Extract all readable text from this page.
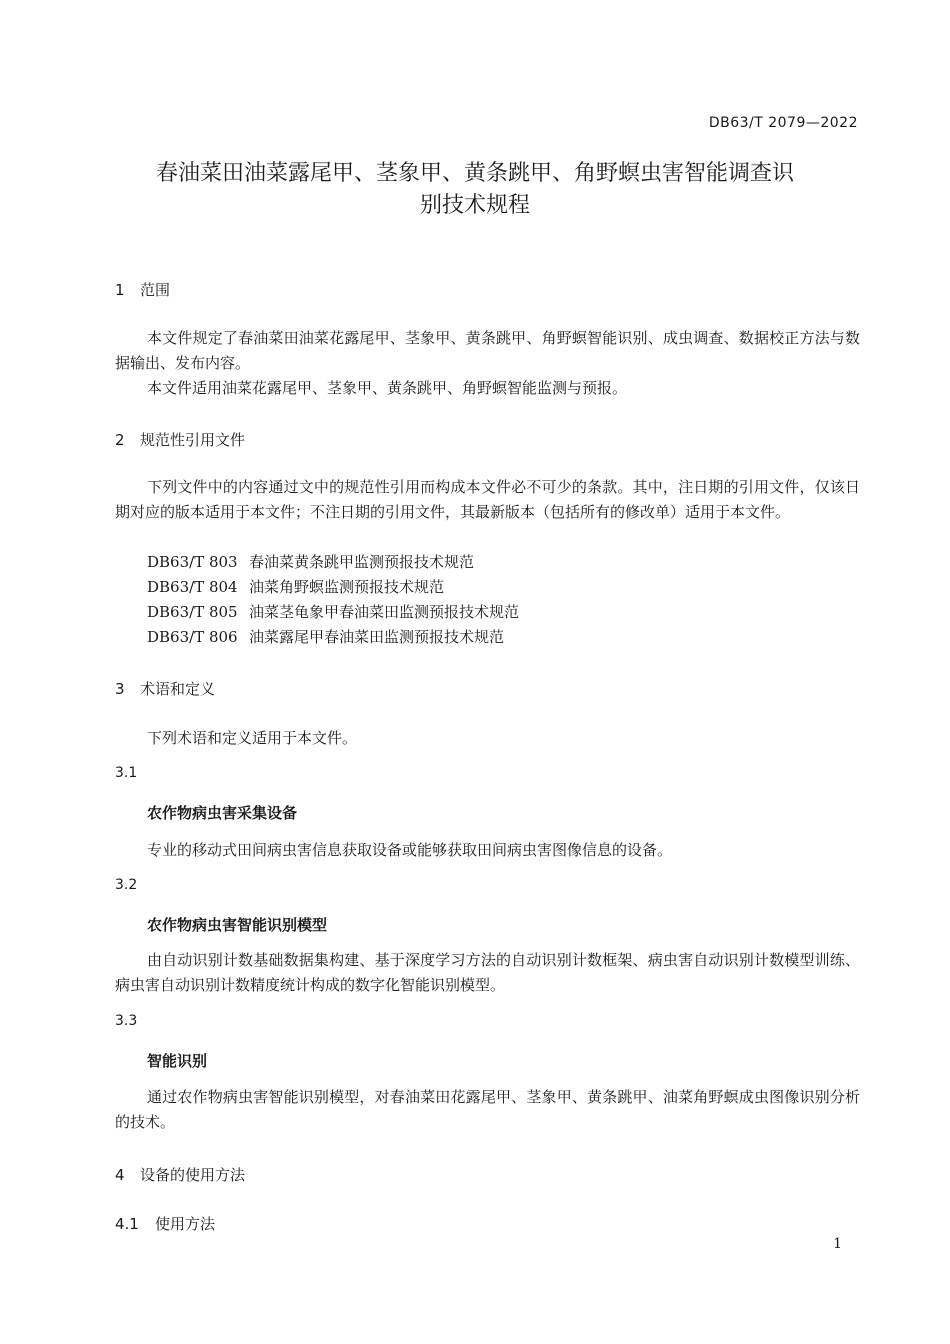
DB63/T 2079—2022
春油菜田油菜露尾甲、茎象甲、黄条跳甲、角野螟虫害智能调查识
别技术规程
1 范围
本文件规定了春油菜田油菜花露尾甲、茎象甲、黄条跳甲、角野螟智能识别、成虫调查、数据校正方法与数据输出、发布内容。
本文件适用油菜花露尾甲、茎象甲、黄条跳甲、角野螟智能监测与预报。
2 规范性引用文件
下列文件中的内容通过文中的规范性引用而构成本文件必不可少的条款。其中，注日期的引用文件，仅该日期对应的版本适用于本文件；不注日期的引用文件，其最新版本（包括所有的修改单）适用于本文件。
DB63/T 803 春油菜黄条跳甲监测预报技术规范
DB63/T 804 油菜角野螟监测预报技术规范
DB63/T 805 油菜茎龟象甲春油菜田监测预报技术规范
DB63/T 806 油菜露尾甲春油菜田监测预报技术规范
3 术语和定义
下列术语和定义适用于本文件。
3.1
农作物病虫害采集设备
专业的移动式田间病虫害信息获取设备或能够获取田间病虫害图像信息的设备。
3.2
农作物病虫害智能识别模型
由自动识别计数基础数据集构建、基于深度学习方法的自动识别计数框架、病虫害自动识别计数模型训练、病虫害自动识别计数精度统计构成的数字化智能识别模型。
3.3
智能识别
通过农作物病虫害智能识别模型，对春油菜田花露尾甲、茎象甲、黄条跳甲、油菜角野螟成虫图像识别分析的技术。
4 设备的使用方法
4.1 使用方法
1
